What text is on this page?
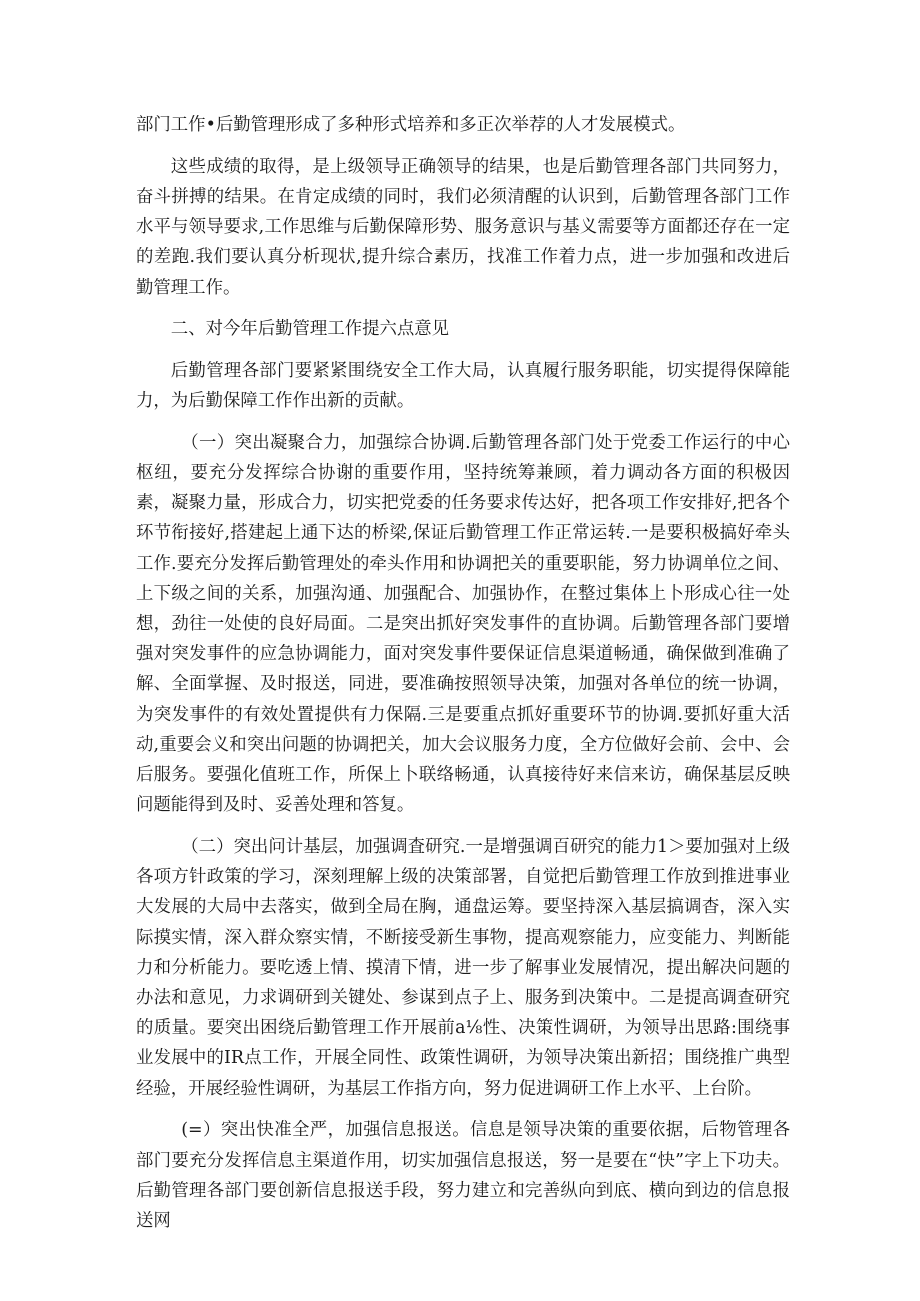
部门工作•后勤管理形成了多种形式培养和多正次举荐的人才发展模式。

这些成绩的取得，是上级领导正确领导的结果，也是后勤管理各部门共同努力，奋斗拼搏的结果。在肯定成绩的同时，我们必须清醒的认识到，后勤管理各部门工作水平与领导要求,工作思维与后勤保障形势、服务意识与基义需要等方面都还存在一定的差跑.我们要认真分析现状,提升综合素历，找准工作着力点，进一步加强和改进后勤管理工作。

二、对今年后勤管理工作提六点意见

后勤管理各部门要紧紧围绕安全工作大局，认真履行服务职能，切实提得保障能力，为后勤保障工作作出新的贡献。

（一）突出凝聚合力，加强综合协调.后勤管理各部门处于党委工作运行的中心枢纽，要充分发挥综合协谢的重要作用，坚持统筹兼顾，着力调动各方面的积极因素，凝聚力量，形成合力，切实把党委的任务要求传达好，把各项工作安排好,把各个环节衔接好,搭建起上通下达的桥梁,保证后勤管理工作正常运转.一是要积极搞好牵头工作.要充分发挥后勤管理处的牵头作用和协调把关的重要职能，努力协调单位之间、上下级之间的关系，加强沟通、加强配合、加强协作，在整过集体上卜形成心往一处想，劲往一处使的良好局面。二是突出抓好突发事件的直协调。后勤管理各部门要增强对突发事件的应急协调能力，面对突发事件要保证信息渠道畅通，确保做到准确了解、全面掌握、及时报送，同进，要准确按照领导决策，加强对各单位的统一协调，为突发事件的有效处置提供有力保隔.三是要重点抓好重要环节的协调.要抓好重大活动,重要会义和突出问题的协调把关，加大会议服务力度，全方位做好会前、会中、会后服务。要强化值班工作，所保上卜联络畅通，认真接待好来信来访，确保基层反映问题能得到及时、妥善处理和答复。

（二）突出问计基层，加强调査研究.一是增强调百研究的能力1＞要加强对上级各项方针政策的学习，深刻理解上级的决策部署，自觉把后勤管理工作放到推进事业大发展的大局中去落实，做到全局在胸，通盘运筹。要坚持深入基层搞调杳，深入实际摸实情，深入群众察实情，不断接受新生事物，提高观察能力，应变能力、判断能力和分析能力。要吃透上情、摸清下情，进一步了解事业发展情况，提出解决问题的办法和意见，力求调研到关键处、参谋到点子上、服务到决策中。二是提高调查研究的质量。要突出困绕后勤管理工作开展前a⅛性、决策性调研，为领导出思路:围绕事业发展中的IR点工作，开展全同性、政策性调研，为领导决策出新招；围绕推广典型经验，开展经验性调研，为基层工作指方向，努力促进调研工作上水平、上台阶。

(=）突出快准全严，加强信息报送。信息是领导决策的重要依据，后物管理各部门要充分发挥信息主渠道作用，切实加强信息报送，努一是要在“快”字上下功夫。后勤管理各部门要创新信息报送手段，努力建立和完善纵向到底、横向到边的信息报送网
